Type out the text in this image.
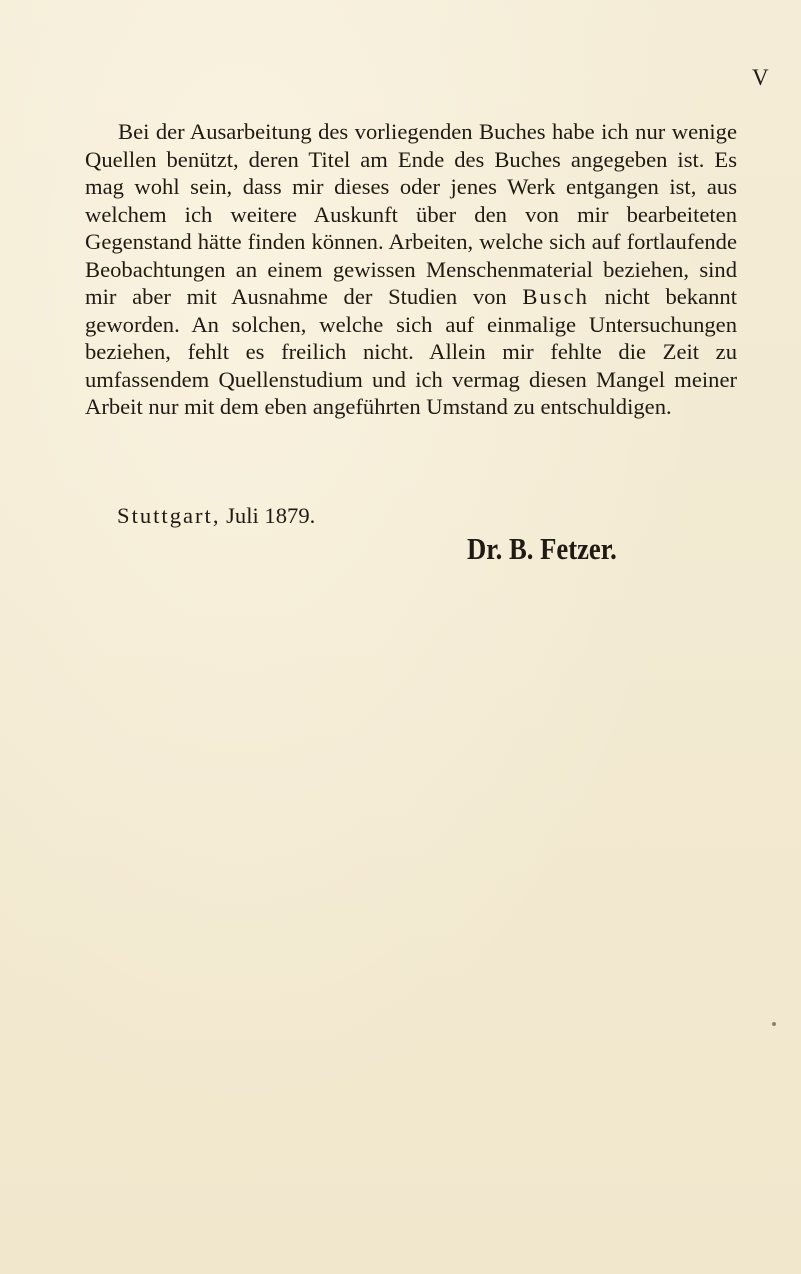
V

Bei der Ausarbeitung des vorliegenden Buches habe ich nur wenige Quellen benützt, deren Titel am Ende des Buches angegeben ist. Es mag wohl sein, dass mir dieses oder jenes Werk entgangen ist, aus welchem ich weitere Auskunft über den von mir bearbeiteten Gegenstand hätte finden können. Arbeiten, welche sich auf fortlaufende Beobachtungen an einem gewissen Menschenmaterial beziehen, sind mir aber mit Ausnahme der Studien von Busch nicht bekannt geworden. An solchen, welche sich auf einmalige Untersuchungen beziehen, fehlt es freilich nicht. Allein mir fehlte die Zeit zu umfassendem Quellenstudium und ich vermag diesen Mangel meiner Arbeit nur mit dem eben angeführten Umstand zu entschuldigen.

Stuttgart, Juli 1879.
Dr. B. Fetzer.
